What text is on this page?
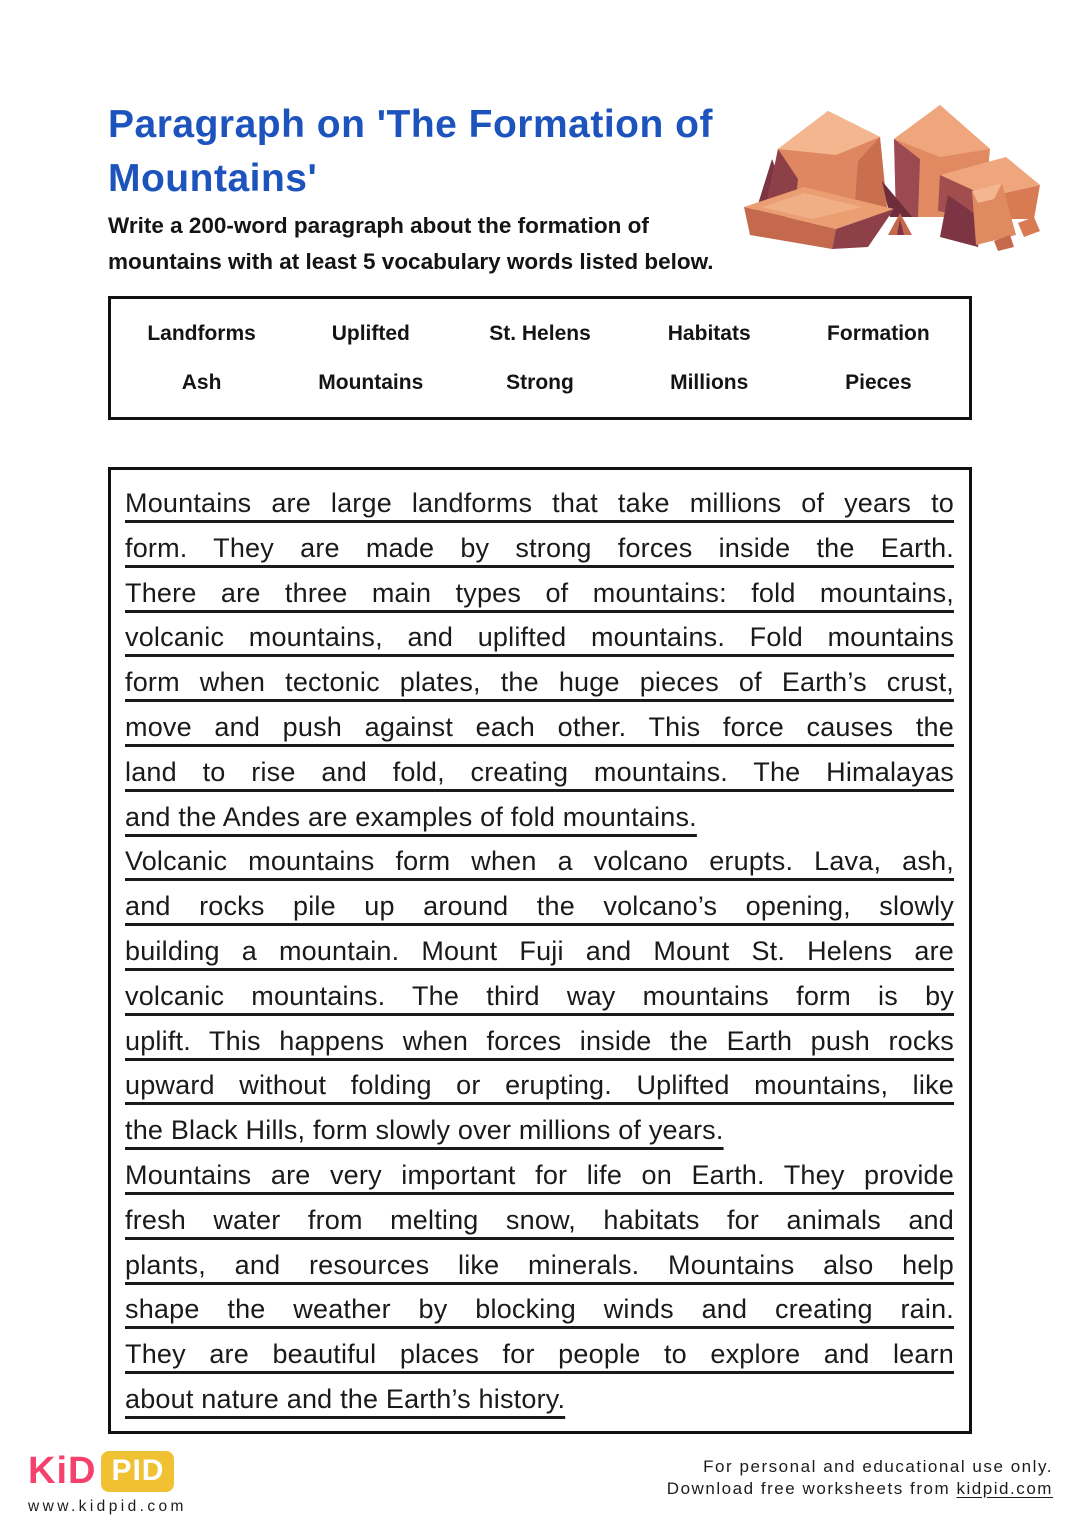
Paragraph on 'The Formation of Mountains'

Write a 200-word paragraph about the formation of mountains with at least 5 vocabulary words listed below.

Landforms	Uplifted	St. Helens	Habitats	Formation
Ash	Mountains	Strong	Millions	Pieces
Mountains are large landforms that take millions of years to
form. They are made by strong forces inside the Earth.
There are three main types of mountains: fold mountains,
volcanic mountains, and uplifted mountains. Fold mountains
form when tectonic plates, the huge pieces of Earth’s crust,
move and push against each other. This force causes the
land to rise and fold, creating mountains. The Himalayas
and the Andes are examples of fold mountains.
Volcanic mountains form when a volcano erupts. Lava, ash,
and rocks pile up around the volcano’s opening, slowly
building a mountain. Mount Fuji and Mount St. Helens are
volcanic mountains. The third way mountains form is by
uplift. This happens when forces inside the Earth push rocks
upward without folding or erupting. Uplifted mountains, like
the Black Hills, form slowly over millions of years.
Mountains are very important for life on Earth. They provide
fresh water from melting snow, habitats for animals and
plants, and resources like minerals. Mountains also help
shape the weather by blocking winds and creating rain.
They are beautiful places for people to explore and learn
about nature and the Earth’s history.
KiD PID
www.kidpid.com
For personal and educational use only.
Download free worksheets from kidpid.com
